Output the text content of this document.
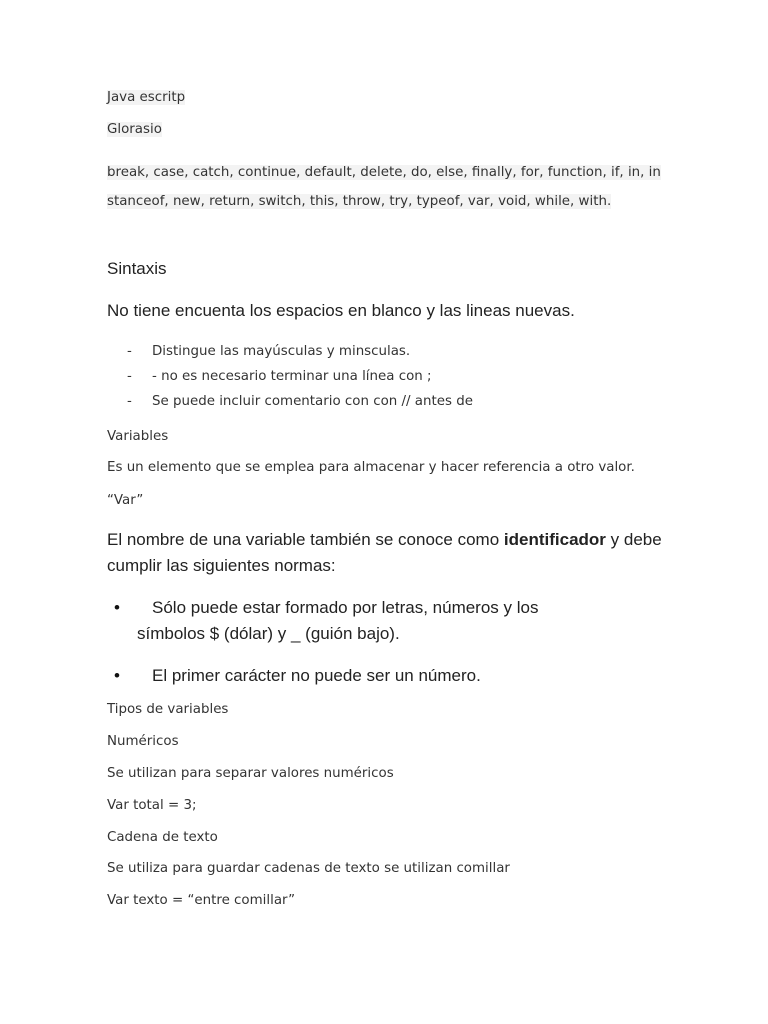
Java escritp
Glorasio
break, case, catch, continue, default, delete, do, else, finally, for, function, if, in, instanceof, new, return, switch, this, throw, try, typeof, var, void, while, with.
Sintaxis
No tiene encuenta los espacios en blanco y las lineas nuevas.
- Distingue las mayúsculas y minsculas.
- - no es necesario terminar una línea con ;
- Se puede incluir comentario con con // antes de
Variables
Es un elemento que se emplea para almacenar y hacer referencia a otro valor.
“Var”
El nombre de una variable también se conoce como identificador y debe
cumplir las siguientes normas:
• Sólo puede estar formado por letras, números y los
símbolos $ (dólar) y _ (guión bajo).
• El primer carácter no puede ser un número.
Tipos de variables
Numéricos
Se utilizan para separar valores numéricos
Var total = 3;
Cadena de texto
Se utiliza para guardar cadenas de texto se utilizan comillar
Var texto = “entre comillar”
